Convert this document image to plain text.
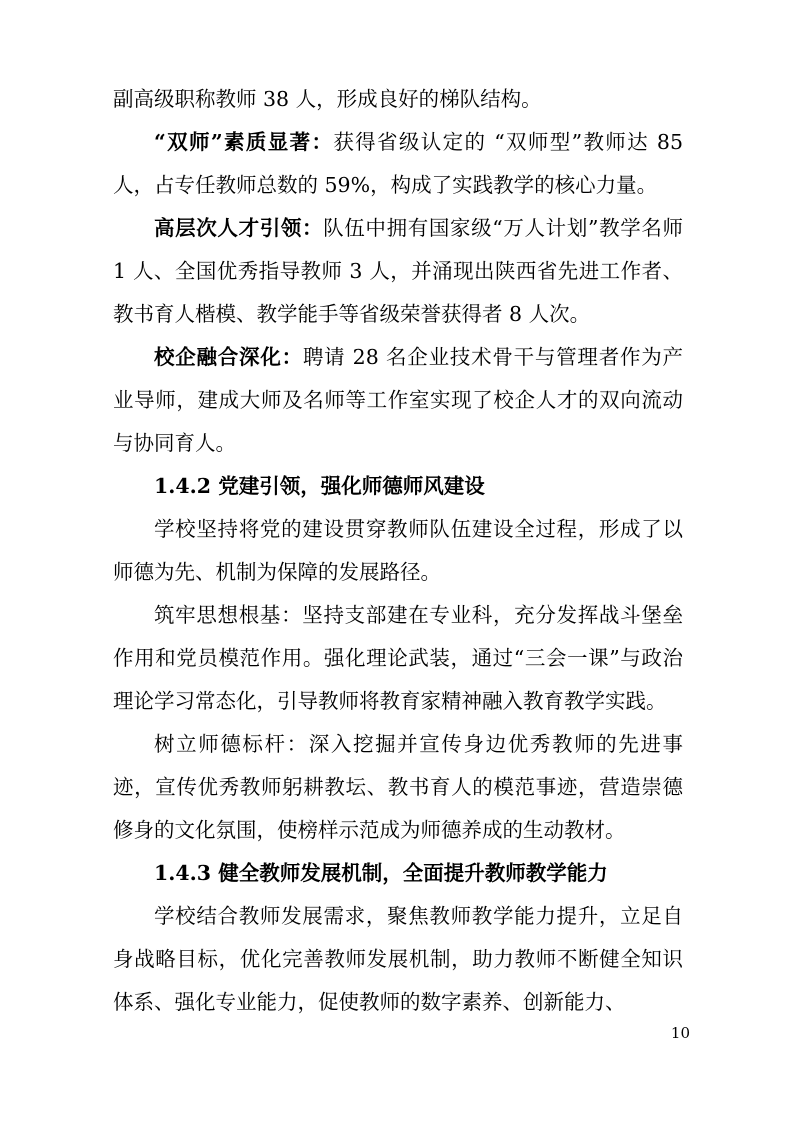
副高级职称教师 38 人，形成良好的梯队结构。

“双师”素质显著：获得省级认定的 “双师型”教师达 85 人，占专任教师总数的 59%，构成了实践教学的核心力量。

高层次人才引领：队伍中拥有国家级“万人计划”教学名师 1 人、全国优秀指导教师 3 人，并涌现出陕西省先进工作者、教书育人楷模、教学能手等省级荣誉获得者 8 人次。

校企融合深化：聘请 28 名企业技术骨干与管理者作为产业导师，建成大师及名师等工作室实现了校企人才的双向流动与协同育人。

1.4.2 党建引领，强化师德师风建设

学校坚持将党的建设贯穿教师队伍建设全过程，形成了以师德为先、机制为保障的发展路径。

筑牢思想根基：坚持支部建在专业科，充分发挥战斗堡垒作用和党员模范作用。强化理论武装，通过“三会一课”与政治理论学习常态化，引导教师将教育家精神融入教育教学实践。

树立师德标杆：深入挖掘并宣传身边优秀教师的先进事迹，宣传优秀教师躬耕教坛、教书育人的模范事迹，营造崇德修身的文化氛围，使榜样示范成为师德养成的生动教材。

1.4.3 健全教师发展机制，全面提升教师教学能力

学校结合教师发展需求，聚焦教师教学能力提升，立足自身战略目标，优化完善教师发展机制，助力教师不断健全知识体系、强化专业能力，促使教师的数字素养、创新能力、

10
